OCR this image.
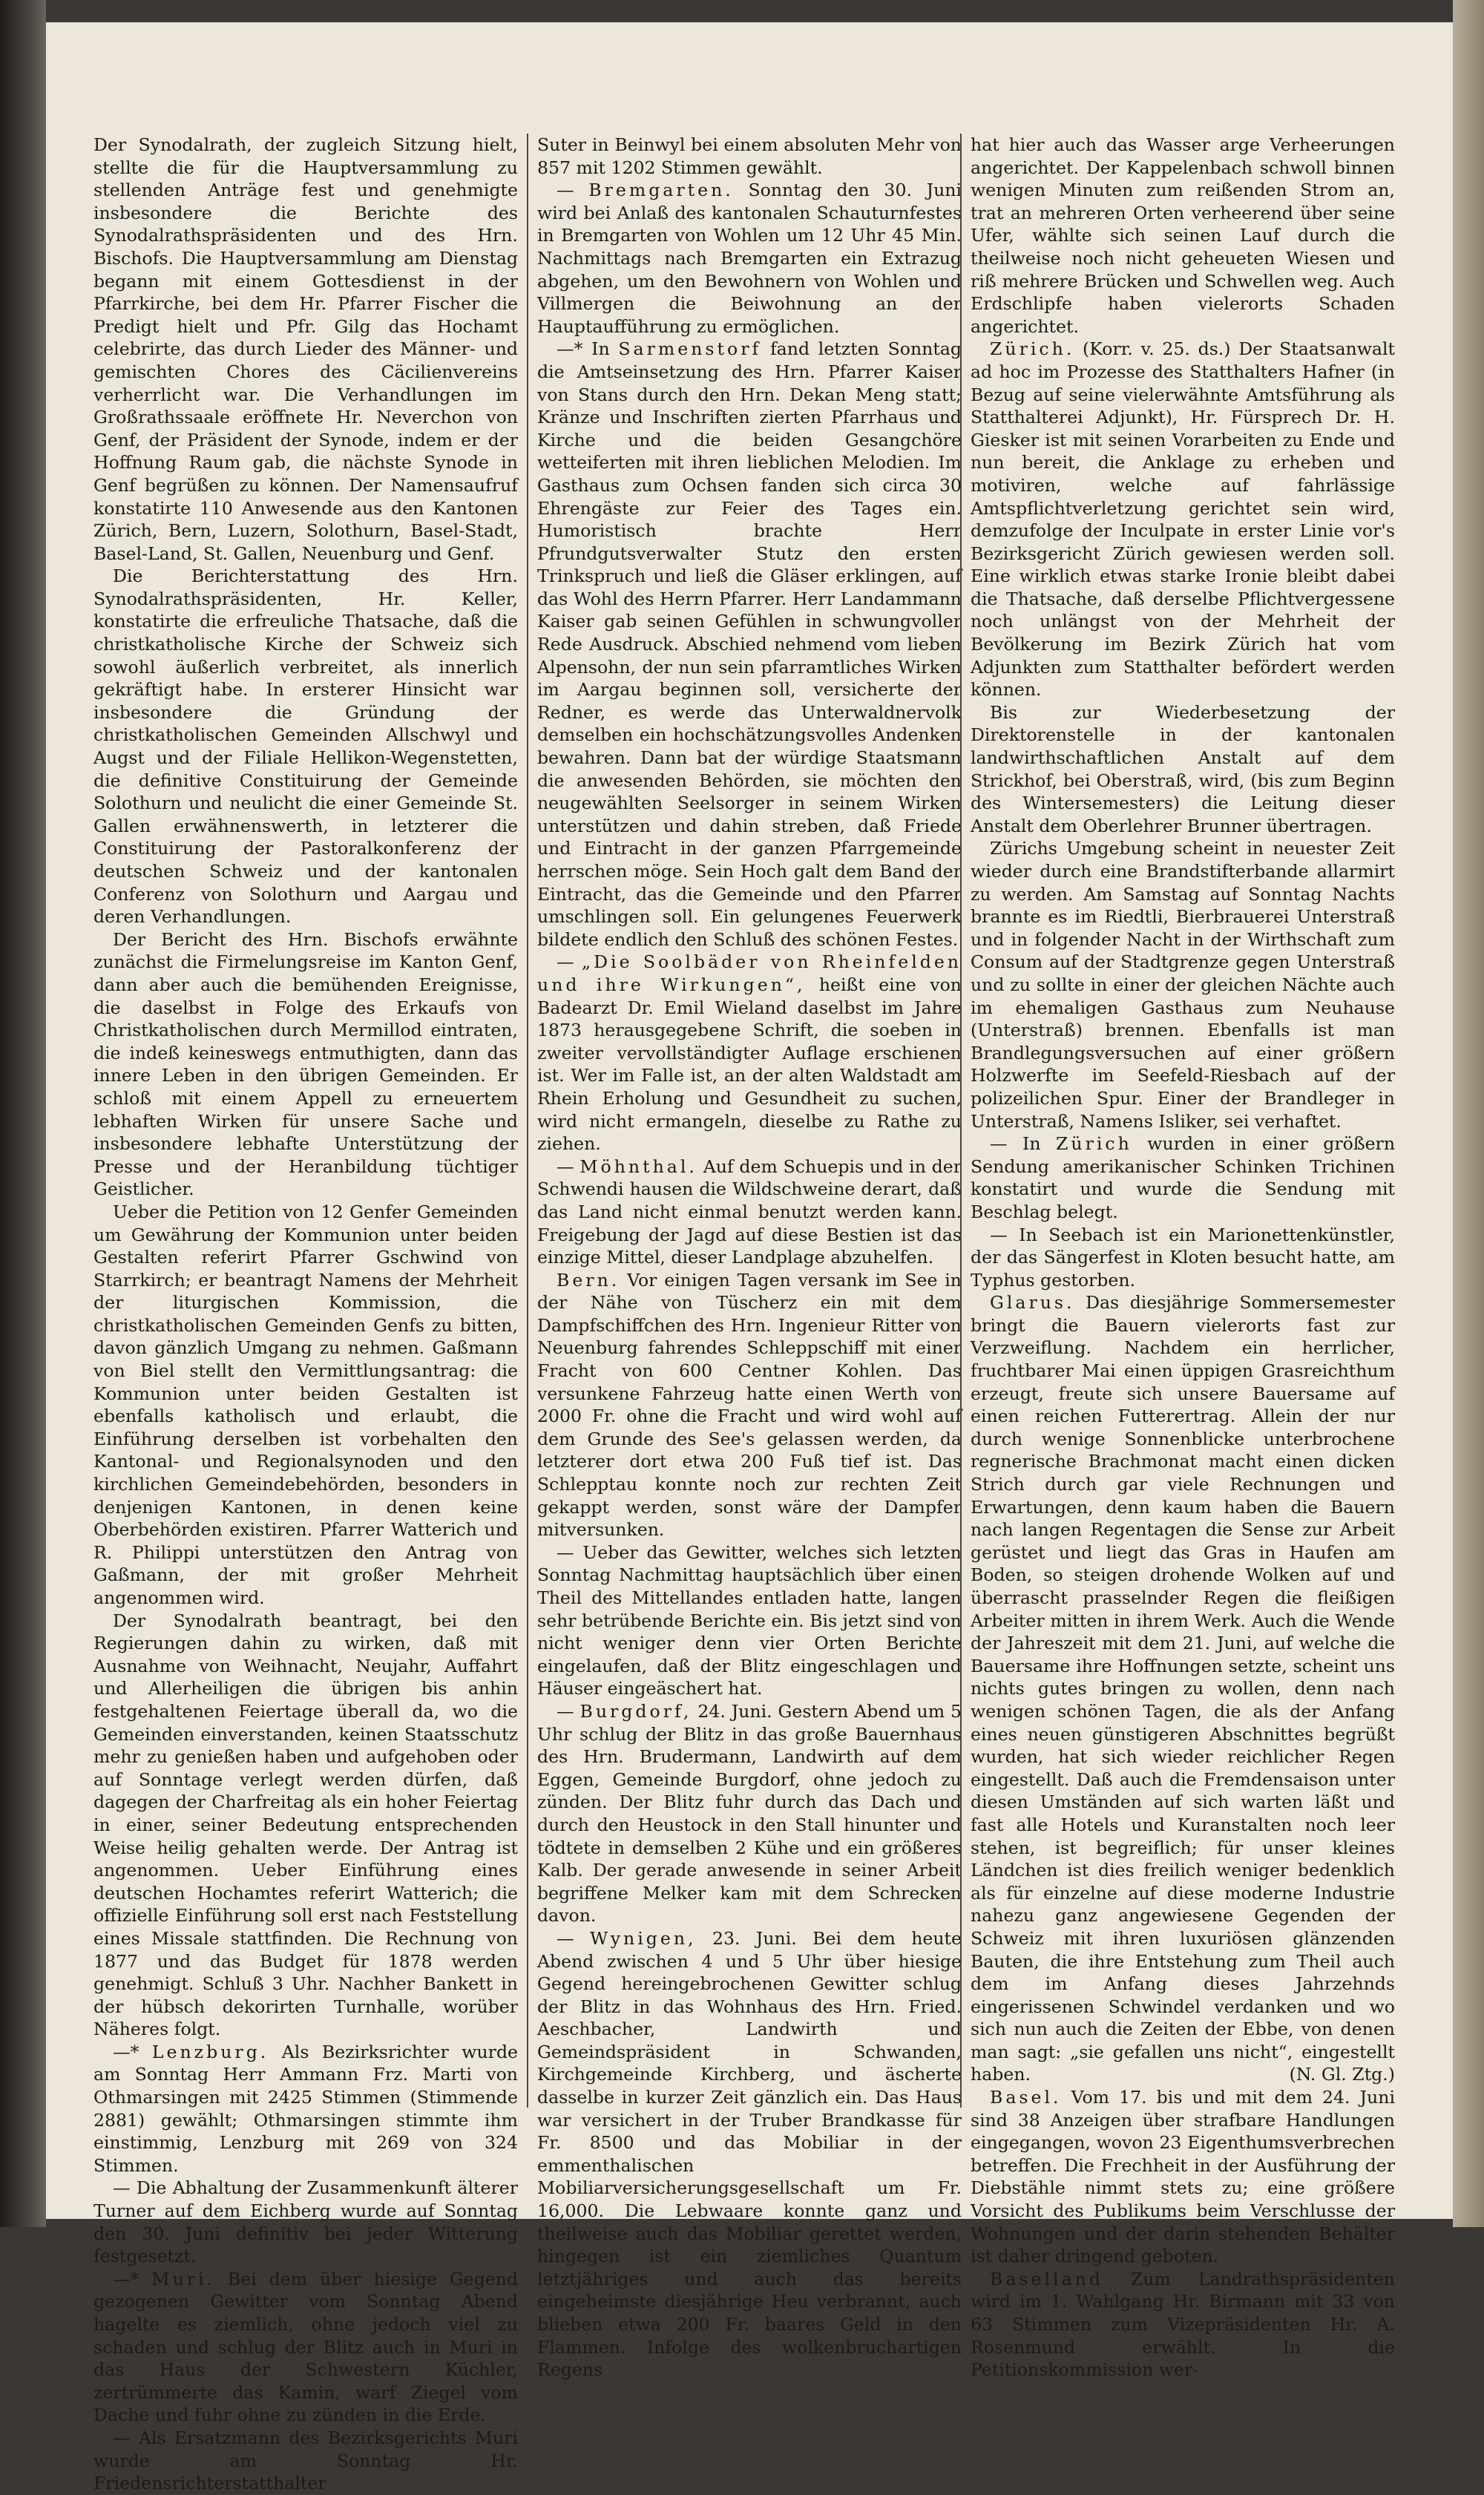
Der Synodalrath, der zugleich Sitzung hielt, stellte die für die Hauptversammlung zu stellenden Anträge fest und genehmigte insbesondere die Berichte des Synodalrathspräsidenten und des Hrn. Bischofs. Die Hauptversammlung am Dienstag begann mit einem Gottesdienst in der Pfarrkirche, bei dem Hr. Pfarrer Fischer die Predigt hielt und Pfr. Gilg das Hochamt celebrirte, das durch Lieder des Männer- und gemischten Chores des Cäcilienvereins verherrlicht war. Die Verhandlungen im Großrathssaale eröffnete Hr. Neverchon von Genf, der Präsident der Synode, indem er der Hoffnung Raum gab, die nächste Synode in Genf begrüßen zu können. Der Namensaufruf konstatirte 110 Anwesende aus den Kantonen Zürich, Bern, Luzern, Solothurn, Basel-Stadt, Basel-Land, St. Gallen, Neuenburg und Genf.

Die Berichterstattung des Hrn. Synodalrathspräsidenten, Hr. Keller, konstatirte die erfreuliche Thatsache, daß die christkatholische Kirche der Schweiz sich sowohl äußerlich verbreitet, als innerlich gekräftigt habe. In ersterer Hinsicht war insbesondere die Gründung der christkatholischen Gemeinden Allschwyl und Augst und der Filiale Hellikon-Wegenstetten, die definitive Constituirung der Gemeinde Solothurn und neulicht die einer Gemeinde St. Gallen erwähnenswerth, in letzterer die Constituirung der Pastoralkonferenz der deutschen Schweiz und der kantonalen Conferenz von Solothurn und Aargau und deren Verhandlungen.

Der Bericht des Hrn. Bischofs erwähnte zunächst die Firmelungsreise im Kanton Genf, dann aber auch die bemühenden Ereignisse, die daselbst in Folge des Erkaufs von Christkatholischen durch Mermillod eintraten, die indeß keineswegs entmuthigten, dann das innere Leben in den übrigen Gemeinden. Er schloß mit einem Appell zu erneuertem lebhaften Wirken für unsere Sache und insbesondere lebhafte Unterstützung der Presse und der Heranbildung tüchtiger Geistlicher.

Ueber die Petition von 12 Genfer Gemeinden um Gewährung der Kommunion unter beiden Gestalten referirt Pfarrer Gschwind von Starrkirch; er beantragt Namens der Mehrheit der liturgischen Kommission, die christkatholischen Gemeinden Genfs zu bitten, davon gänzlich Umgang zu nehmen. Gaßmann von Biel stellt den Vermittlungsantrag: die Kommunion unter beiden Gestalten ist ebenfalls katholisch und erlaubt, die Einführung derselben ist vorbehalten den Kantonal- und Regionalsynoden und den kirchlichen Gemeindebehörden, besonders in denjenigen Kantonen, in denen keine Oberbehörden existiren. Pfarrer Watterich und R. Philippi unterstützen den Antrag von Gaßmann, der mit großer Mehrheit angenommen wird.

Der Synodalrath beantragt, bei den Regierungen dahin zu wirken, daß mit Ausnahme von Weihnacht, Neujahr, Auffahrt und Allerheiligen die übrigen bis anhin festgehaltenen Feiertage überall da, wo die Gemeinden einverstanden, keinen Staatsschutz mehr zu genießen haben und aufgehoben oder auf Sonntage verlegt werden dürfen, daß dagegen der Charfreitag als ein hoher Feiertag in einer, seiner Bedeutung entsprechenden Weise heilig gehalten werde. Der Antrag ist angenommen. Ueber Einführung eines deutschen Hochamtes referirt Watterich; die offizielle Einführung soll erst nach Feststellung eines Missale stattfinden. Die Rechnung von 1877 und das Budget für 1878 werden genehmigt. Schluß 3 Uhr. Nachher Bankett in der hübsch dekorirten Turnhalle, worüber Näheres folgt.

—* Lenzburg. Als Bezirksrichter wurde am Sonntag Herr Ammann Frz. Marti von Othmarsingen mit 2425 Stimmen (Stimmende 2881) gewählt; Othmarsingen stimmte ihm einstimmig, Lenzburg mit 269 von 324 Stimmen.

— Die Abhaltung der Zusammenkunft älterer Turner auf dem Eichberg wurde auf Sonntag den 30. Juni definitiv bei jeder Witterung festgesetzt.

—* Muri. Bei dem über hiesige Gegend gezogenen Gewitter vom Sonntag Abend hagelte es ziemlich, ohne jedoch viel zu schaden und schlug der Blitz auch in Muri in das Haus der Schwestern Küchler, zertrümmerte das Kamin, warf Ziegel vom Dache und fuhr ohne zu zünden in die Erde.

— Als Ersatzmann des Bezirksgerichts Muri wurde am Sonntag Hr. Friedensrichterstatthalter

Suter in Beinwyl bei einem absoluten Mehr von 857 mit 1202 Stimmen gewählt.

— Bremgarten. Sonntag den 30. Juni wird bei Anlaß des kantonalen Schauturnfestes in Bremgarten von Wohlen um 12 Uhr 45 Min. Nachmittags nach Bremgarten ein Extrazug abgehen, um den Bewohnern von Wohlen und Villmergen die Beiwohnung an der Hauptaufführung zu ermöglichen.

—* In Sarmenstorf fand letzten Sonntag die Amtseinsetzung des Hrn. Pfarrer Kaiser von Stans durch den Hrn. Dekan Meng statt; Kränze und Inschriften zierten Pfarrhaus und Kirche und die beiden Gesangchöre wetteiferten mit ihren lieblichen Melodien. Im Gasthaus zum Ochsen fanden sich circa 30 Ehrengäste zur Feier des Tages ein. Humoristisch brachte Herr Pfrundgutsverwalter Stutz den ersten Trinkspruch und ließ die Gläser erklingen, auf das Wohl des Herrn Pfarrer. Herr Landammann Kaiser gab seinen Gefühlen in schwungvoller Rede Ausdruck. Abschied nehmend vom lieben Alpensohn, der nun sein pfarramtliches Wirken im Aargau beginnen soll, versicherte der Redner, es werde das Unterwaldnervolk demselben ein hochschätzungsvolles Andenken bewahren. Dann bat der würdige Staatsmann die anwesenden Behörden, sie möchten den neugewählten Seelsorger in seinem Wirken unterstützen und dahin streben, daß Friede und Eintracht in der ganzen Pfarrgemeinde herrschen möge. Sein Hoch galt dem Band der Eintracht, das die Gemeinde und den Pfarrer umschlingen soll. Ein gelungenes Feuerwerk bildete endlich den Schluß des schönen Festes.

— „Die Soolbäder von Rheinfelden und ihre Wirkungen“, heißt eine von Badearzt Dr. Emil Wieland daselbst im Jahre 1873 herausgegebene Schrift, die soeben in zweiter vervollständigter Auflage erschienen ist. Wer im Falle ist, an der alten Waldstadt am Rhein Erholung und Gesundheit zu suchen, wird nicht ermangeln, dieselbe zu Rathe zu ziehen.

— Möhnthal. Auf dem Schuepis und in der Schwendi hausen die Wildschweine derart, daß das Land nicht einmal benutzt werden kann. Freigebung der Jagd auf diese Bestien ist das einzige Mittel, dieser Landplage abzuhelfen.

Bern. Vor einigen Tagen versank im See in der Nähe von Tüscherz ein mit dem Dampfschiffchen des Hrn. Ingenieur Ritter von Neuenburg fahrendes Schleppschiff mit einer Fracht von 600 Centner Kohlen. Das versunkene Fahrzeug hatte einen Werth von 2000 Fr. ohne die Fracht und wird wohl auf dem Grunde des See's gelassen werden, da letzterer dort etwa 200 Fuß tief ist. Das Schlepptau konnte noch zur rechten Zeit gekappt werden, sonst wäre der Dampfer mitversunken.

— Ueber das Gewitter, welches sich letzten Sonntag Nachmittag hauptsächlich über einen Theil des Mittellandes entladen hatte, langen sehr betrübende Berichte ein. Bis jetzt sind von nicht weniger denn vier Orten Berichte eingelaufen, daß der Blitz eingeschlagen und Häuser eingeäschert hat.

— Burgdorf, 24. Juni. Gestern Abend um 5 Uhr schlug der Blitz in das große Bauernhaus des Hrn. Brudermann, Landwirth auf dem Eggen, Gemeinde Burgdorf, ohne jedoch zu zünden. Der Blitz fuhr durch das Dach und durch den Heustock in den Stall hinunter und tödtete in demselben 2 Kühe und ein größeres Kalb. Der gerade anwesende in seiner Arbeit begriffene Melker kam mit dem Schrecken davon.

— Wynigen, 23. Juni. Bei dem heute Abend zwischen 4 und 5 Uhr über hiesige Gegend hereingebrochenen Gewitter schlug der Blitz in das Wohnhaus des Hrn. Fried. Aeschbacher, Landwirth und Gemeindspräsident in Schwanden, Kirchgemeinde Kirchberg, und äscherte dasselbe in kurzer Zeit gänzlich ein. Das Haus war versichert in der Truber Brandkasse für Fr. 8500 und das Mobiliar in der emmenthalischen Mobiliarversicherungsgesellschaft um Fr. 16,000. Die Lebwaare konnte ganz und theilweise auch das Mobiliar gerettet werden, hingegen ist ein ziemliches Quantum letztjähriges und auch das bereits eingeheimste diesjährige Heu verbrannt, auch blieben etwa 200 Fr. baares Geld in den Flammen. Infolge des wolkenbruchartigen Regens

hat hier auch das Wasser arge Verheerungen angerichtet. Der Kappelenbach schwoll binnen wenigen Minuten zum reißenden Strom an, trat an mehreren Orten verheerend über seine Ufer, wählte sich seinen Lauf durch die theilweise noch nicht geheueten Wiesen und riß mehrere Brücken und Schwellen weg. Auch Erdschlipfe haben vielerorts Schaden angerichtet.

Zürich. (Korr. v. 25. ds.) Der Staatsanwalt ad hoc im Prozesse des Statthalters Hafner (in Bezug auf seine vielerwähnte Amtsführung als Statthalterei Adjunkt), Hr. Fürsprech Dr. H. Giesker ist mit seinen Vorarbeiten zu Ende und nun bereit, die Anklage zu erheben und motiviren, welche auf fahrlässige Amtspflichtverletzung gerichtet sein wird, demzufolge der Inculpate in erster Linie vor's Bezirksgericht Zürich gewiesen werden soll. Eine wirklich etwas starke Ironie bleibt dabei die Thatsache, daß derselbe Pflichtvergessene noch unlängst von der Mehrheit der Bevölkerung im Bezirk Zürich hat vom Adjunkten zum Statthalter befördert werden können.

Bis zur Wiederbesetzung der Direktorenstelle in der kantonalen landwirthschaftlichen Anstalt auf dem Strickhof, bei Oberstraß, wird, (bis zum Beginn des Wintersemesters) die Leitung dieser Anstalt dem Oberlehrer Brunner übertragen.

Zürichs Umgebung scheint in neuester Zeit wieder durch eine Brandstifterbande allarmirt zu werden. Am Samstag auf Sonntag Nachts brannte es im Riedtli, Bierbrauerei Unterstraß und in folgender Nacht in der Wirthschaft zum Consum auf der Stadtgrenze gegen Unterstraß und zu sollte in einer der gleichen Nächte auch im ehemaligen Gasthaus zum Neuhause (Unterstraß) brennen. Ebenfalls ist man Brandlegungsversuchen auf einer größern Holzwerfte im Seefeld-Riesbach auf der polizeilichen Spur. Einer der Brandleger in Unterstraß, Namens Isliker, sei verhaftet.

— In Zürich wurden in einer größern Sendung amerikanischer Schinken Trichinen konstatirt und wurde die Sendung mit Beschlag belegt.

— In Seebach ist ein Marionettenkünstler, der das Sängerfest in Kloten besucht hatte, am Typhus gestorben.

Glarus. Das diesjährige Sommersemester bringt die Bauern vielerorts fast zur Verzweiflung. Nachdem ein herrlicher, fruchtbarer Mai einen üppigen Grasreichthum erzeugt, freute sich unsere Bauersame auf einen reichen Futterertrag. Allein der nur durch wenige Sonnenblicke unterbrochene regnerische Brachmonat macht einen dicken Strich durch gar viele Rechnungen und Erwartungen, denn kaum haben die Bauern nach langen Regentagen die Sense zur Arbeit gerüstet und liegt das Gras in Haufen am Boden, so steigen drohende Wolken auf und überrascht prasselnder Regen die fleißigen Arbeiter mitten in ihrem Werk. Auch die Wende der Jahreszeit mit dem 21. Juni, auf welche die Bauersame ihre Hoffnungen setzte, scheint uns nichts gutes bringen zu wollen, denn nach wenigen schönen Tagen, die als der Anfang eines neuen günstigeren Abschnittes begrüßt wurden, hat sich wieder reichlicher Regen eingestellt. Daß auch die Fremdensaison unter diesen Umständen auf sich warten läßt und fast alle Hotels und Kuranstalten noch leer stehen, ist begreiflich; für unser kleines Ländchen ist dies freilich weniger bedenklich als für einzelne auf diese moderne Industrie nahezu ganz angewiesene Gegenden der Schweiz mit ihren luxuriösen glänzenden Bauten, die ihre Entstehung zum Theil auch dem im Anfang dieses Jahrzehnds eingerissenen Schwindel verdanken und wo sich nun auch die Zeiten der Ebbe, von denen man sagt: „sie gefallen uns nicht“, eingestellt haben.	(N. Gl. Ztg.)

Basel. Vom 17. bis und mit dem 24. Juni sind 38 Anzeigen über strafbare Handlungen eingegangen, wovon 23 Eigenthumsverbrechen betreffen. Die Frechheit in der Ausführung der Diebstähle nimmt stets zu; eine größere Vorsicht des Publikums beim Verschlusse der Wohnungen und der darin stehenden Behälter ist daher dringend geboten.

Baselland Zum Landrathspräsidenten wird im 1. Wahlgang Hr. Birmann mit 33 von 63 Stimmen zum Vizepräsidenten Hr. A. Rosenmund erwählt. In die Petitionskommission wer-
